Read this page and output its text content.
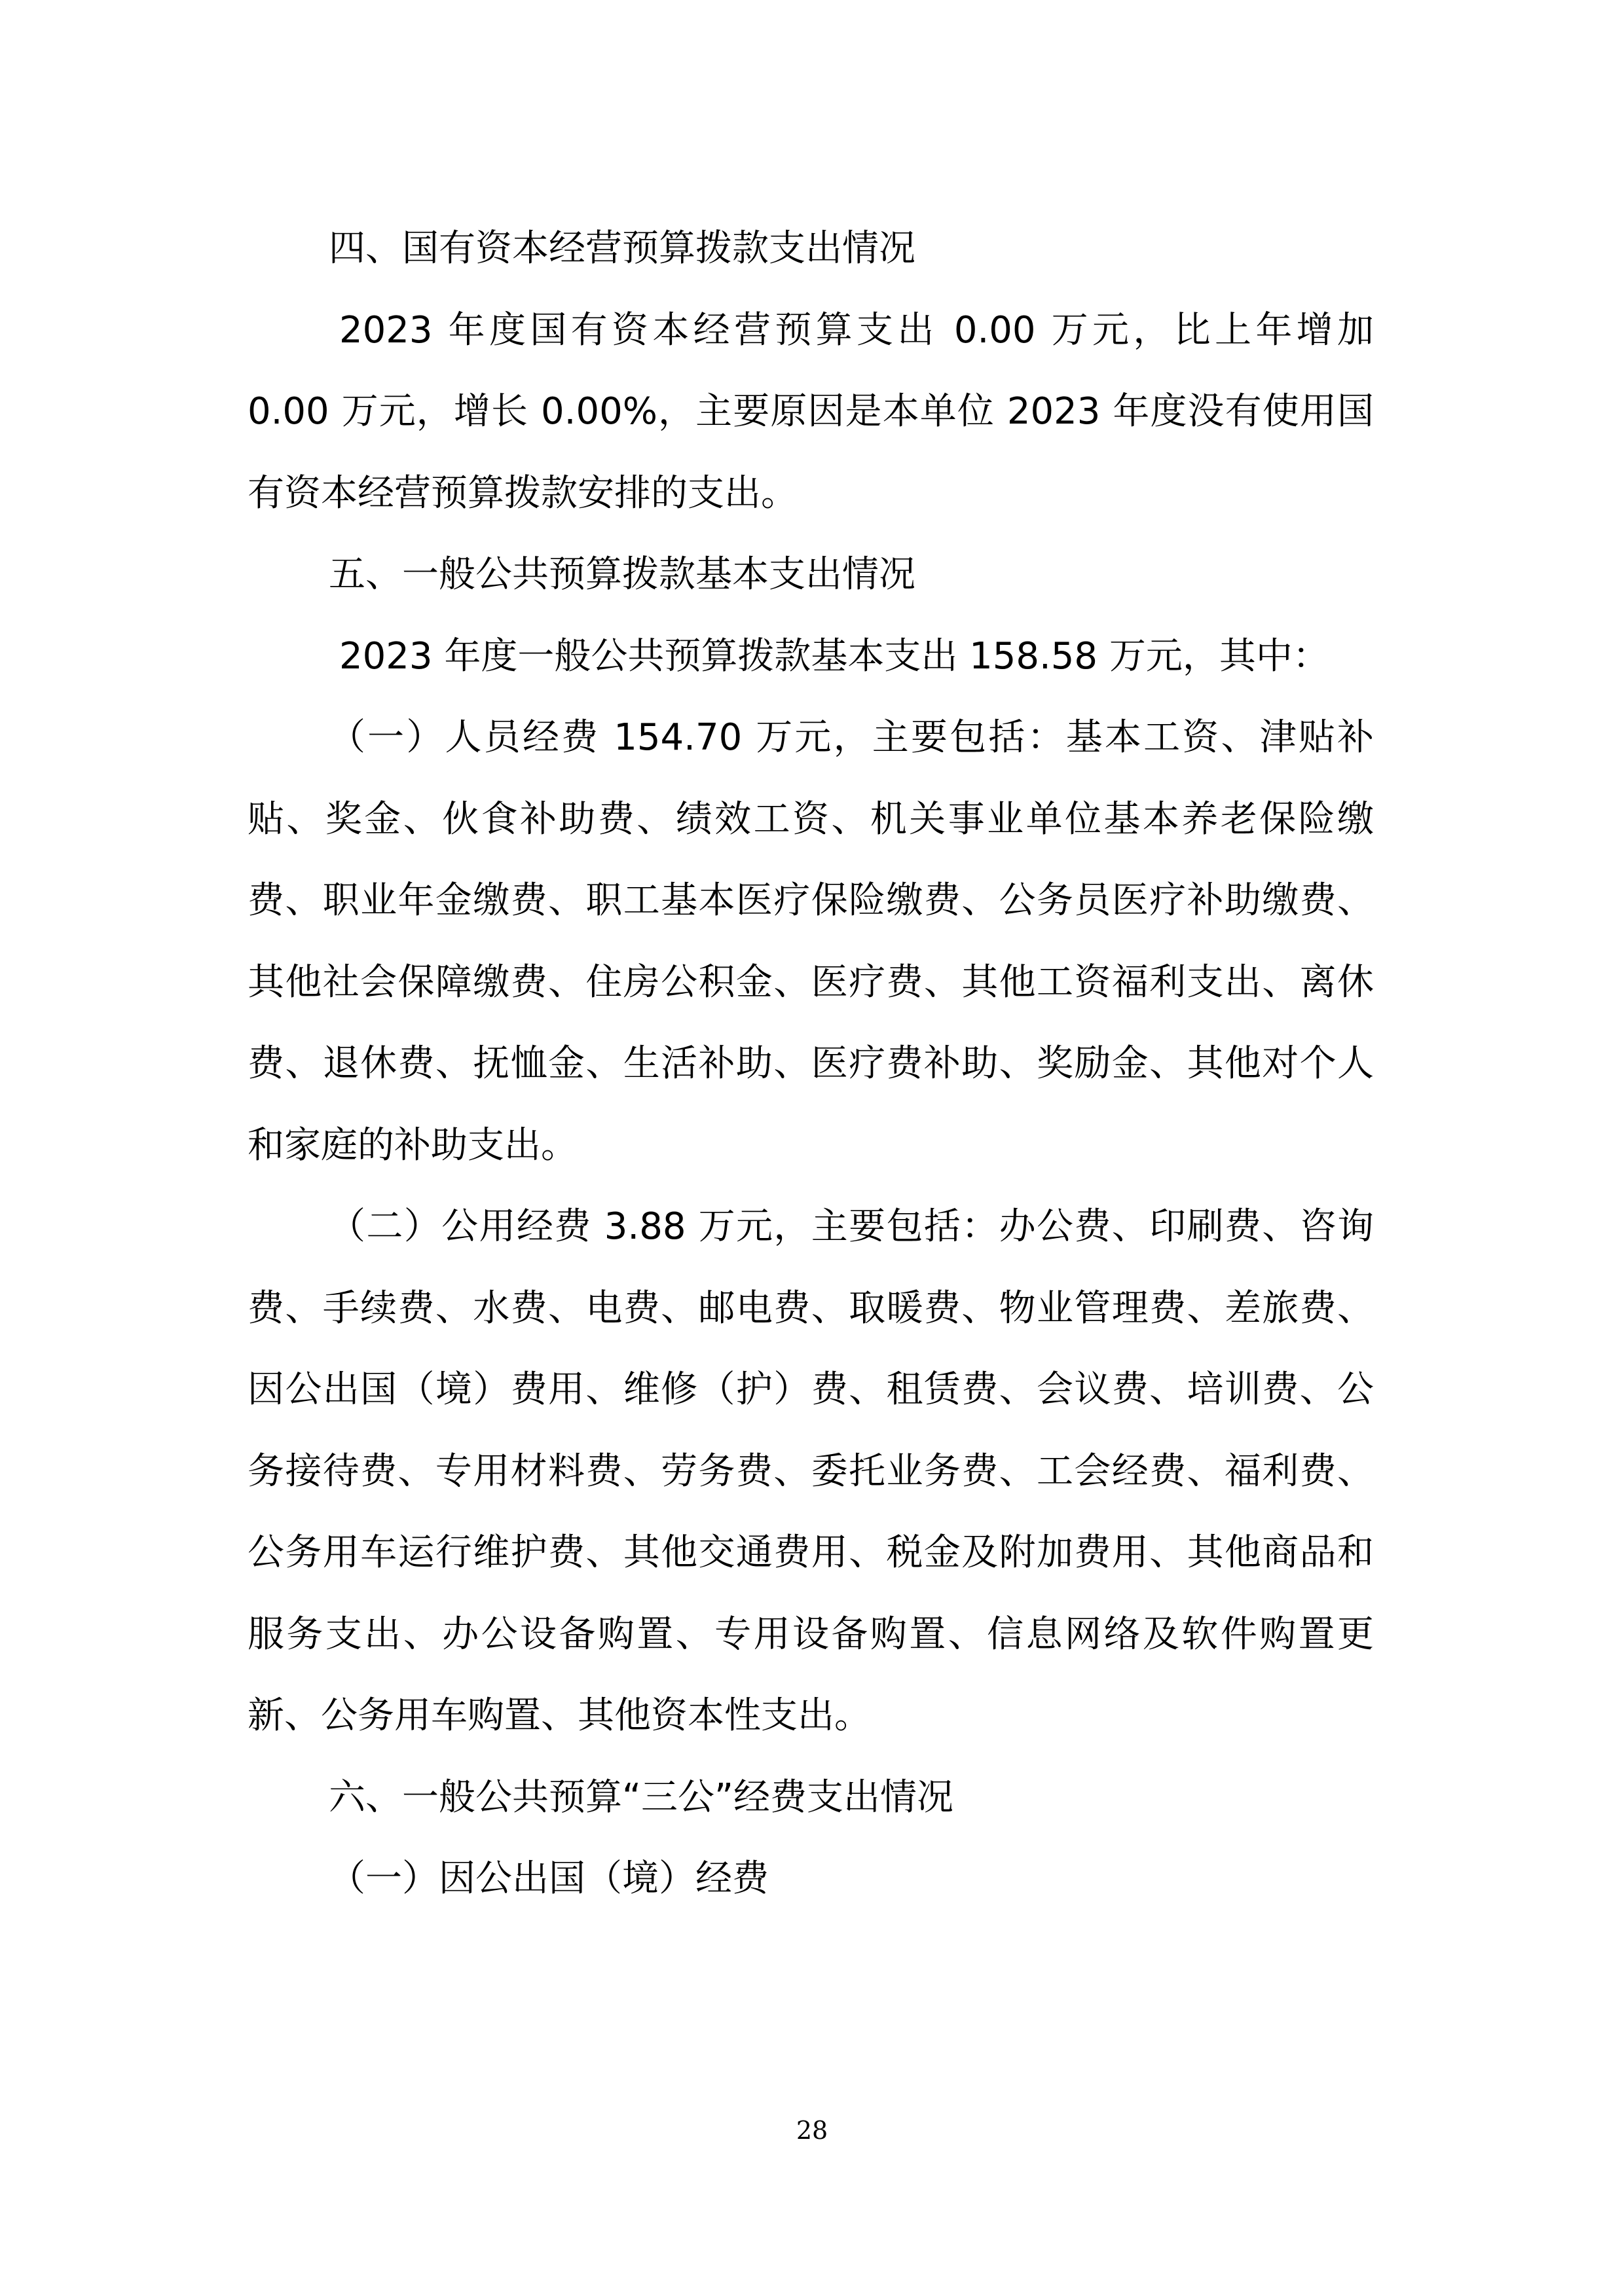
四、国有资本经营预算拨款支出情况

2023 年度国有资本经营预算支出 0.00 万元，比上年增加 0.00 万元，增长 0.00%，主要原因是本单位 2023 年度没有使用国有资本经营预算拨款安排的支出。

五、一般公共预算拨款基本支出情况

2023 年度一般公共预算拨款基本支出 158.58 万元，其中：

（一）人员经费 154.70 万元，主要包括：基本工资、津贴补贴、奖金、伙食补助费、绩效工资、机关事业单位基本养老保险缴费、职业年金缴费、职工基本医疗保险缴费、公务员医疗补助缴费、其他社会保障缴费、住房公积金、医疗费、其他工资福利支出、离休费、退休费、抚恤金、生活补助、医疗费补助、奖励金、其他对个人和家庭的补助支出。

（二）公用经费 3.88 万元，主要包括：办公费、印刷费、咨询费、手续费、水费、电费、邮电费、取暖费、物业管理费、差旅费、因公出国（境）费用、维修（护）费、租赁费、会议费、培训费、公务接待费、专用材料费、劳务费、委托业务费、工会经费、福利费、公务用车运行维护费、其他交通费用、税金及附加费用、其他商品和服务支出、办公设备购置、专用设备购置、信息网络及软件购置更新、公务用车购置、其他资本性支出。

六、一般公共预算“三公”经费支出情况

（一）因公出国（境）经费

28
